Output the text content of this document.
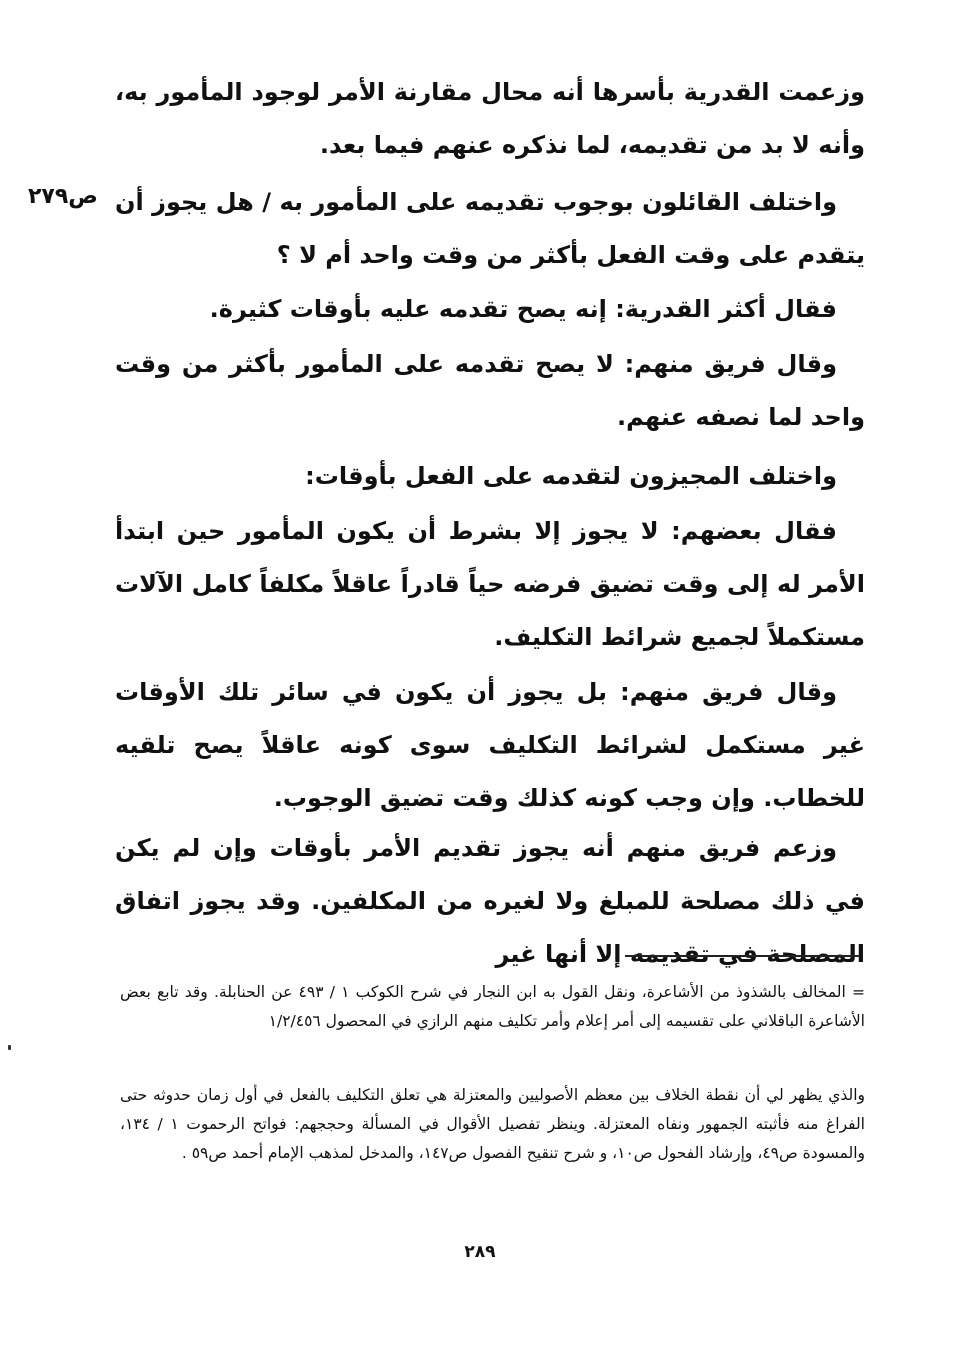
وزعمت القدرية بأسرها أنه محال مقارنة الأمر لوجود المأمور به، وأنه لا بد من تقديمه، لما نذكره عنهم فيما بعد.
واختلف القائلون بوجوب تقديمه على المأمور به / هل يجوز أن يتقدم على وقت الفعل بأكثر من وقت واحد أم لا ؟
ص٢٧٩
فقال أكثر القدرية: إنه يصح تقدمه عليه بأوقات كثيرة.
وقال فريق منهم: لا يصح تقدمه على المأمور بأكثر من وقت واحد لما نصفه عنهم.
واختلف المجيزون لتقدمه على الفعل بأوقات:
فقال بعضهم: لا يجوز إلا بشرط أن يكون المأمور حين ابتدأ الأمر له إلى وقت تضيق فرضه حياً قادراً عاقلاً مكلفاً كامل الآلات مستكملاً لجميع شرائط التكليف.
وقال فريق منهم: بل يجوز أن يكون في سائر تلك الأوقات غير مستكمل لشرائط التكليف سوى كونه عاقلاً يصح تلقيه للخطاب. وإن وجب كونه كذلك وقت تضيق الوجوب.
وزعم فريق منهم أنه يجوز تقديم الأمر بأوقات وإن لم يكن في ذلك مصلحة للمبلغ ولا لغيره من المكلفين. وقد يجوز اتفاق المصلحة في تقديمه إلا أنها غير
= المخالف بالشذوذ من الأشاعرة، ونقل القول به ابن النجار في شرح الكوكب ١ / ٤٩٣ عن الحنابلة. وقد تابع بعض الأشاعرة الباقلاني على تقسيمه إلى أمر إعلام وأمر تكليف منهم الرازي في المحصول ١/٢/٤٥٦
والذي يظهر لي أن نقطة الخلاف بين معظم الأصوليين والمعتزلة هي تعلق التكليف بالفعل في أول زمان حدوثه حتى الفراغ منه فأثبته الجمهور ونفاه المعتزلة. وينظر تفصيل الأقوال في المسألة وحججهم: فواتح الرحموت ١ / ١٣٤، والمسودة ص٤٩، وإرشاد الفحول ص١٠، و شرح تنقيح الفصول ص١٤٧، والمدخل لمذهب الإمام أحمد ص٥٩ .
٢٨٩
